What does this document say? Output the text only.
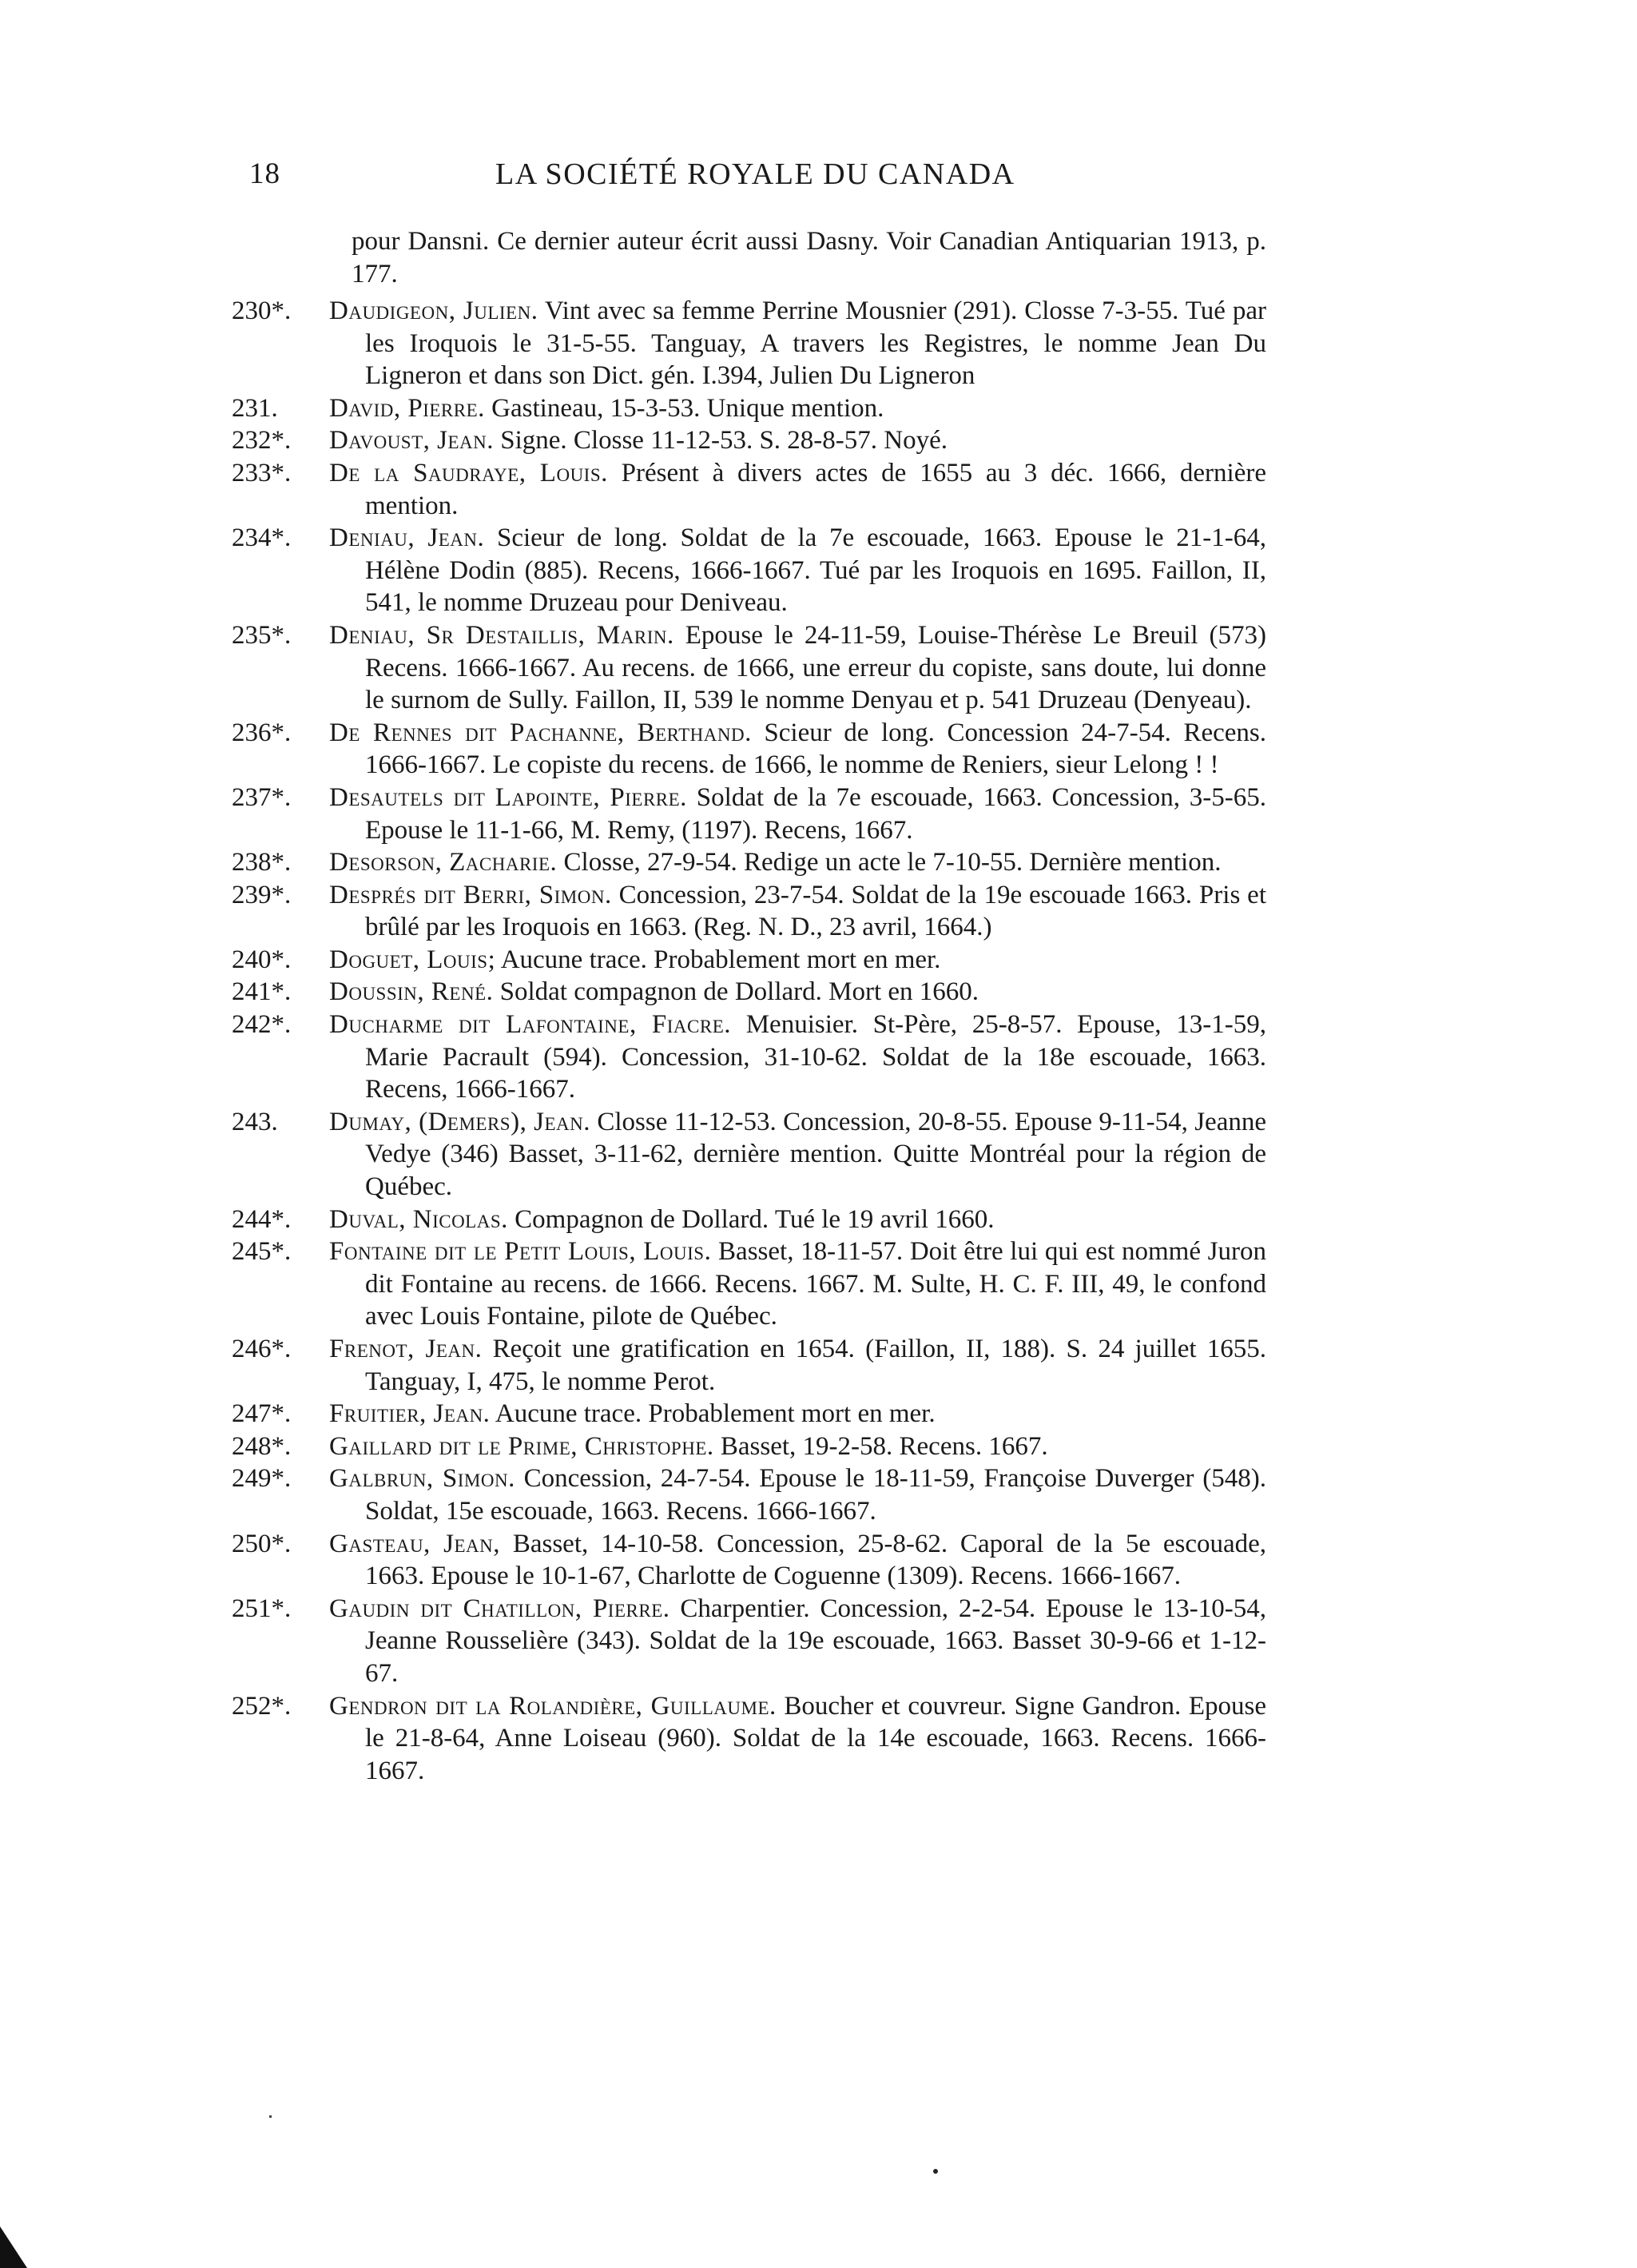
18	LA SOCIÉTÉ ROYALE DU CANADA
pour Dansni. Ce dernier auteur écrit aussi Dasny. Voir Canadian Antiquarian 1913, p. 177.
230*.	Daudigeon, Julien. Vint avec sa femme Perrine Mousnier (291). Closse 7-3-55. Tué par les Iroquois le 31-5-55. Tanguay, A travers les Registres, le nomme Jean Du Ligneron et dans son Dict. gén. I.394, Julien Du Ligneron
231.	David, Pierre. Gastineau, 15-3-53. Unique mention.
232*.	Davoust, Jean. Signe. Closse 11-12-53. S. 28-8-57. Noyé.
233*.	De la Saudraye, Louis. Présent à divers actes de 1655 au 3 déc. 1666, dernière mention.
234*.	Deniau, Jean. Scieur de long. Soldat de la 7e escouade, 1663. Epouse le 21-1-64, Hélène Dodin (885). Recens, 1666-1667. Tué par les Iroquois en 1695. Faillon, II, 541, le nomme Druzeau pour Deniveau.
235*.	Deniau, Sr Destaillis, Marin. Epouse le 24-11-59, Louise-Thérèse Le Breuil (573) Recens. 1666-1667. Au recens. de 1666, une erreur du copiste, sans doute, lui donne le surnom de Sully. Faillon, II, 539 le nomme Denyau et p. 541 Druzeau (Denyeau).
236*.	De Rennes dit Pachanne, Berthand. Scieur de long. Concession 24-7-54. Recens. 1666-1667. Le copiste du recens. de 1666, le nomme de Reniers, sieur Lelong ! !
237*.	Desautels dit Lapointe, Pierre. Soldat de la 7e escouade, 1663. Concession, 3-5-65. Epouse le 11-1-66, M. Remy, (1197). Recens, 1667.
238*.	Desorson, Zacharie. Closse, 27-9-54. Redige un acte le 7-10-55. Dernière mention.
239*.	Després dit Berri, Simon. Concession, 23-7-54. Soldat de la 19e escouade 1663. Pris et brûlé par les Iroquois en 1663. (Reg. N. D., 23 avril, 1664.)
240*.	Doguet, Louis; Aucune trace. Probablement mort en mer.
241*.	Doussin, René. Soldat compagnon de Dollard. Mort en 1660.
242*.	Ducharme dit Lafontaine, Fiacre. Menuisier. St-Père, 25-8-57. Epouse, 13-1-59, Marie Pacrault (594). Concession, 31-10-62. Soldat de la 18e escouade, 1663. Recens, 1666-1667.
243.	Dumay, (Demers), Jean. Closse 11-12-53. Concession, 20-8-55. Epouse 9-11-54, Jeanne Vedye (346) Basset, 3-11-62, dernière mention. Quitte Montréal pour la région de Québec.
244*.	Duval, Nicolas. Compagnon de Dollard. Tué le 19 avril 1660.
245*.	Fontaine dit le Petit Louis, Louis. Basset, 18-11-57. Doit être lui qui est nommé Juron dit Fontaine au recens. de 1666. Recens. 1667. M. Sulte, H. C. F. III, 49, le confond avec Louis Fontaine, pilote de Québec.
246*.	Frenot, Jean. Reçoit une gratification en 1654. (Faillon, II, 188). S. 24 juillet 1655. Tanguay, I, 475, le nomme Perot.
247*.	Fruitier, Jean. Aucune trace. Probablement mort en mer.
248*.	Gaillard dit le Prime, Christophe. Basset, 19-2-58. Recens. 1667.
249*.	Galbrun, Simon. Concession, 24-7-54. Epouse le 18-11-59, Françoise Duverger (548). Soldat, 15e escouade, 1663. Recens. 1666-1667.
250*.	Gasteau, Jean, Basset, 14-10-58. Concession, 25-8-62. Caporal de la 5e escouade, 1663. Epouse le 10-1-67, Charlotte de Coguenne (1309). Recens. 1666-1667.
251*.	Gaudin dit Chatillon, Pierre. Charpentier. Concession, 2-2-54. Epouse le 13-10-54, Jeanne Rousselière (343). Soldat de la 19e escouade, 1663. Basset 30-9-66 et 1-12-67.
252*.	Gendron dit la Rolandière, Guillaume. Boucher et couvreur. Signe Gandron. Epouse le 21-8-64, Anne Loiseau (960). Soldat de la 14e escouade, 1663. Recens. 1666-1667.
